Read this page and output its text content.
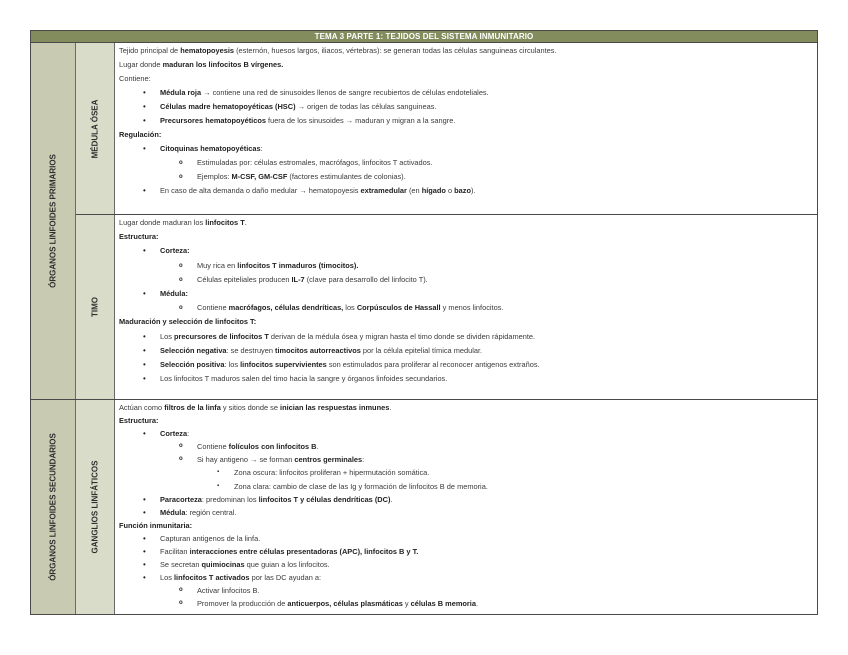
TEMA 3 PARTE 1: TEJIDOS DEL SISTEMA INMUNITARIO
ÓRGANOS LINFOIDES PRIMARIOS
MÉDULA ÓSEA
Tejido principal de hematopoyesis (esternón, huesos largos, iliacos, vértebras): se generan todas las células sanguineas circulantes.
Lugar donde maduran los linfocitos B vírgenes.
Contiene:
• Médula roja → contiene una red de sinusoides llenos de sangre recubiertos de células endoteliales.
• Células madre hematopoyéticas (HSC) → origen de todas las células sanguineas.
• Precursores hematopoyéticos fuera de los sinusoides → maduran y migran a la sangre.
Regulación:
• Citoquinas hematopoyéticas:
o Estimuladas por: células estromales, macrófagos, linfocitos T activados.
o Ejemplos: M-CSF, GM-CSF (factores estimulantes de colonias).
• En caso de alta demanda o daño medular → hematopoyesis extramedular (en hígado o bazo).
TIMO
Lugar donde maduran los linfocitos T.
Estructura:
• Corteza:
o Muy rica en linfocitos T inmaduros (timocitos).
o Células epiteliales producen IL-7 (clave para desarrollo del linfocito T).
• Médula:
o Contiene macrófagos, células dendríticas, los Corpúsculos de Hassall y menos linfocitos.
Maduración y selección de linfocitos T:
• Los precursores de linfocitos T derivan de la médula ósea y migran hasta el timo donde se dividen rápidamente.
• Selección negativa: se destruyen timocitos autorreactivos por la célula epitelial tímica medular.
• Selección positiva: los linfocitos supervivientes son estimulados para proliferar al reconocer antigenos extraños.
• Los linfocitos T maduros salen del timo hacia la sangre y órganos linfoides secundarios.
ÓRGANOS LINFOIDES SECUNDARIOS	GANGLIOS LINFÁTICOS
Actúan como filtros de la linfa y sitios donde se inician las respuestas inmunes.
Estructura:
• Corteza:
o Contiene folículos con linfocitos B.
o Si hay antigeno → se forman centros germinales:
▪ Zona oscura: linfocitos proliferan + hipermutación somática.
▪ Zona clara: cambio de clase de las Ig y formación de linfocitos B de memoria.
• Paracorteza: predominan los linfocitos T y células dendríticas (DC).
• Médula: región central.
Función inmunitaria:
• Capturan antigenos de la linfa.
• Facilitan interacciones entre células presentadoras (APC), linfocitos B y T.
• Se secretan quimiocinas que guian a los linfocitos.
• Los linfocitos T activados por las DC ayudan a:
o Activar linfocitos B.
o Promover la producción de anticuerpos, células plasmáticas y células B memoria.
